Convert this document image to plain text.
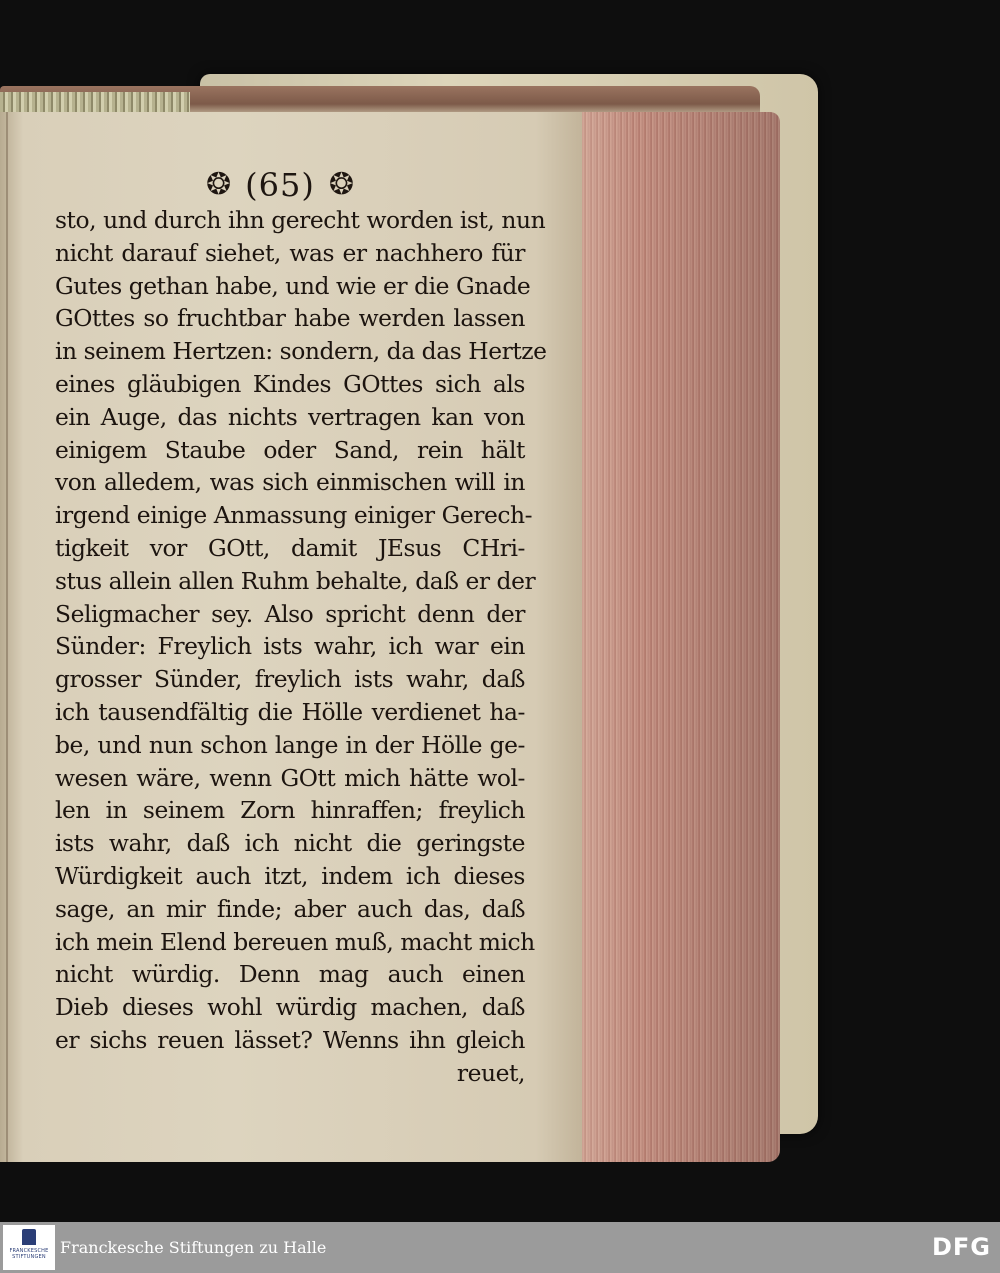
❂ (65) ❂
sto, und durch ihn gerecht worden ist, nun
nicht darauf siehet, was er nachhero für
Gutes gethan habe, und wie er die Gnade
GOttes so fruchtbar habe werden lassen
in seinem Hertzen: sondern, da das Hertze
eines gläubigen Kindes GOttes sich als
ein Auge, das nichts vertragen kan von
einigem Staube oder Sand, rein hält
von alledem, was sich einmischen will in
irgend einige Anmassung einiger Gerech-
tigkeit vor GOtt, damit JEsus CHri-
stus allein allen Ruhm behalte, daß er der
Seligmacher sey. Also spricht denn der
Sünder: Freylich ists wahr, ich war ein
grosser Sünder, freylich ists wahr, daß
ich tausendfältig die Hölle verdienet ha-
be, und nun schon lange in der Hölle ge-
wesen wäre, wenn GOtt mich hätte wol-
len in seinem Zorn hinraffen; freylich
ists wahr, daß ich nicht die geringste
Würdigkeit auch itzt, indem ich dieses
sage, an mir finde; aber auch das, daß
ich mein Elend bereuen muß, macht mich
nicht würdig. Denn mag auch einen
Dieb dieses wohl würdig machen, daß
er sichs reuen lässet? Wenns ihn gleich
reuet,
FRANCKESCHE STIFTUNGEN Franckesche Stiftungen zu Halle	DFG
